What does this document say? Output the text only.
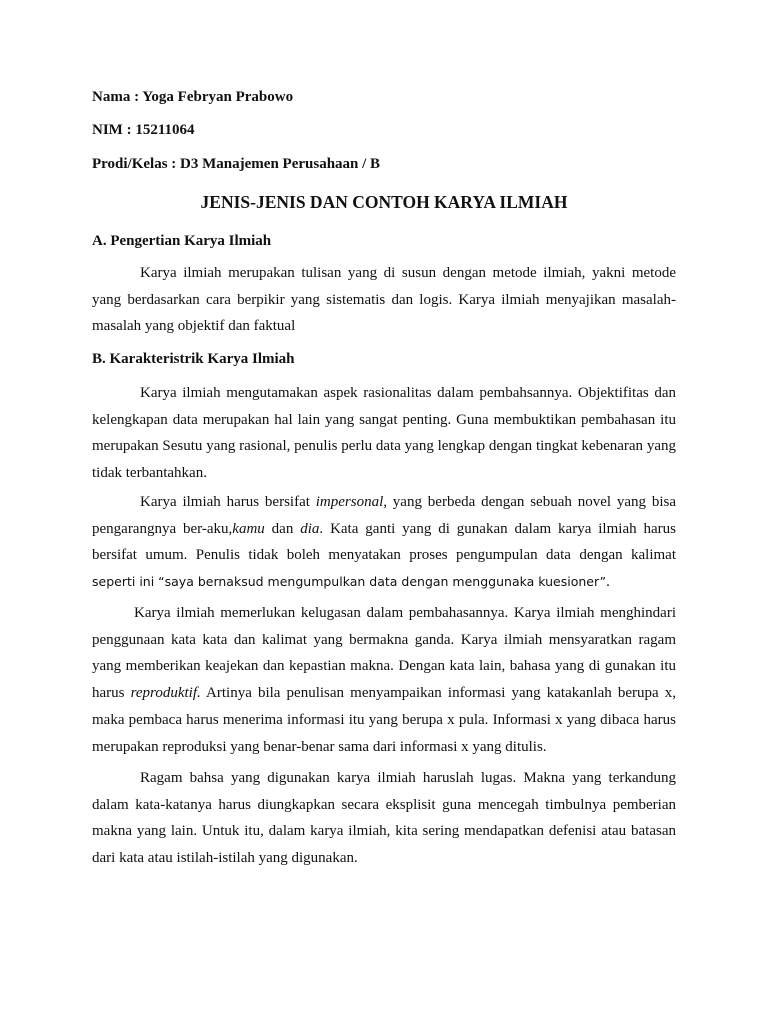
Nama : Yoga Febryan Prabowo
NIM : 15211064
Prodi/Kelas : D3 Manajemen Perusahaan / B
JENIS-JENIS DAN CONTOH KARYA ILMIAH
A. Pengertian Karya Ilmiah
Karya ilmiah merupakan tulisan yang di susun dengan metode ilmiah, yakni metode yang berdasarkan cara berpikir yang sistematis dan logis. Karya ilmiah menyajikan masalah-masalah yang objektif dan faktual
B. Karakteristrik Karya Ilmiah
Karya ilmiah mengutamakan aspek rasionalitas dalam pembahsannya. Objektifitas dan kelengkapan data merupakan hal lain yang sangat penting. Guna membuktikan pembahasan itu merupakan Sesutu yang rasional, penulis perlu data yang lengkap dengan tingkat kebenaran yang tidak terbantahkan.
Karya ilmiah harus bersifat impersonal, yang berbeda dengan sebuah novel yang bisa pengarangnya ber-aku,kamu dan dia. Kata ganti yang di gunakan dalam karya ilmiah harus bersifat umum. Penulis tidak boleh menyatakan proses pengumpulan data dengan kalimat seperti ini “saya bernaksud mengumpulkan data dengan menggunaka kuesioner”.
Karya ilmiah memerlukan kelugasan dalam pembahasannya. Karya ilmiah menghindari penggunaan kata kata dan kalimat yang bermakna ganda. Karya ilmiah mensyaratkan ragam yang memberikan keajekan dan kepastian makna. Dengan kata lain, bahasa yang di gunakan itu harus reproduktif. Artinya bila penulisan menyampaikan informasi yang katakanlah berupa x, maka pembaca harus menerima informasi itu yang berupa x pula. Informasi x yang dibaca harus merupakan reproduksi yang benar-benar sama dari informasi x yang ditulis.
Ragam bahsa yang digunakan karya ilmiah haruslah lugas. Makna yang terkandung dalam kata-katanya harus diungkapkan secara eksplisit guna mencegah timbulnya pemberian makna yang lain. Untuk itu, dalam karya ilmiah, kita sering mendapatkan defenisi atau batasan dari kata atau istilah-istilah yang digunakan.
